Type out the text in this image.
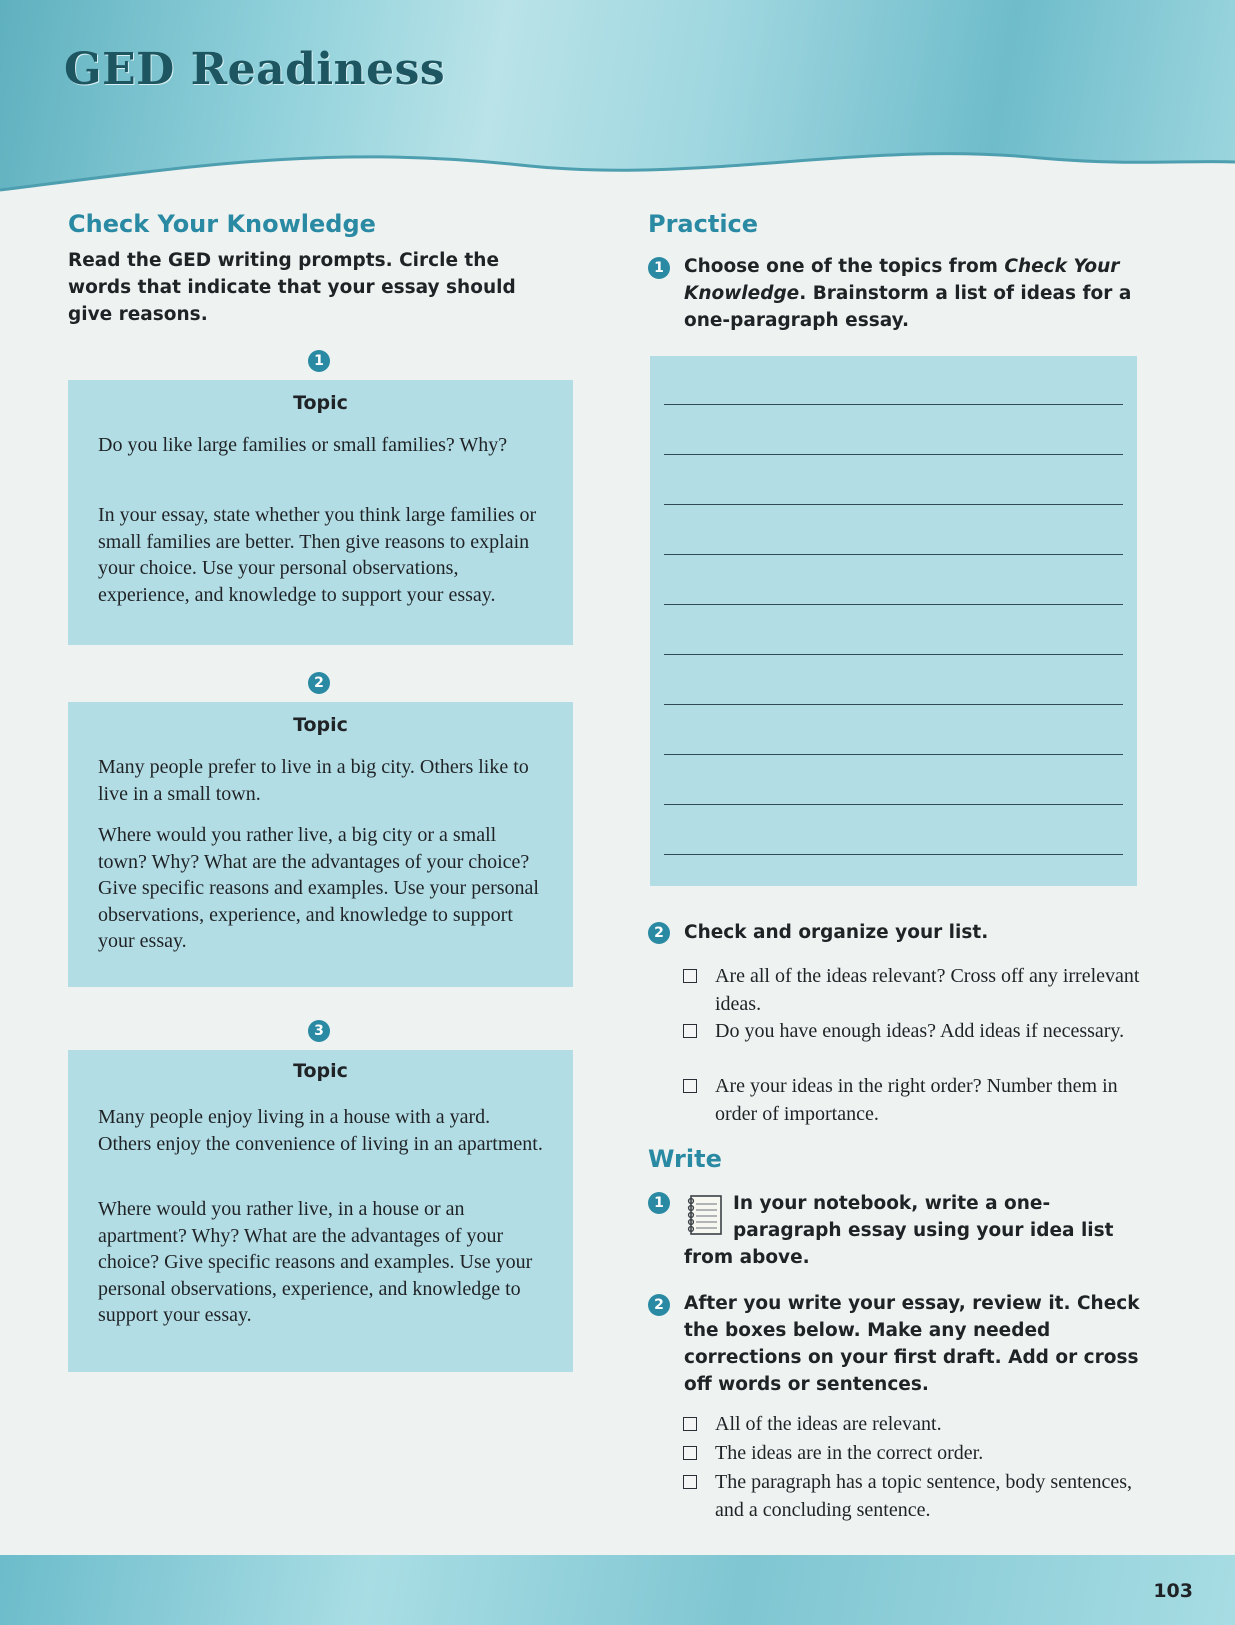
GED Readiness
Check Your Knowledge

Read the GED writing prompts. Circle the words that indicate that your essay should give reasons.

1
Topic

Do you like large families or small families? Why?

In your essay, state whether you think large families or small families are better. Then give reasons to explain your choice. Use your personal observations, experience, and knowledge to support your essay.

2
Topic

Many people prefer to live in a big city. Others like to live in a small town.

Where would you rather live, a big city or a small town? Why? What are the advantages of your choice? Give specific reasons and examples. Use your personal observations, experience, and knowledge to support your essay.

3
Topic

Many people enjoy living in a house with a yard. Others enjoy the convenience of living in an apartment.

Where would you rather live, in a house or an apartment? Why? What are the advantages of your choice? Give specific reasons and examples. Use your personal observations, experience, and knowledge to support your essay.

Practice
1	Choose one of the topics from Check Your Knowledge. Brainstorm a list of ideas for a one-paragraph essay.

2	Check and organize your list.

Are all of the ideas relevant? Cross off any irrelevant ideas.
Do you have enough ideas? Add ideas if necessary.
Are your ideas in the right order? Number them in order of importance.
Write
1	In your notebook, write a one-
paragraph essay using your idea list
from above.
2	After you write your essay, review it. Check the boxes below. Make any needed corrections on your first draft. Add or cross off words or sentences.

All of the ideas are relevant.
The ideas are in the correct order.
The paragraph has a topic sentence, body sentences, and a concluding sentence.
103
